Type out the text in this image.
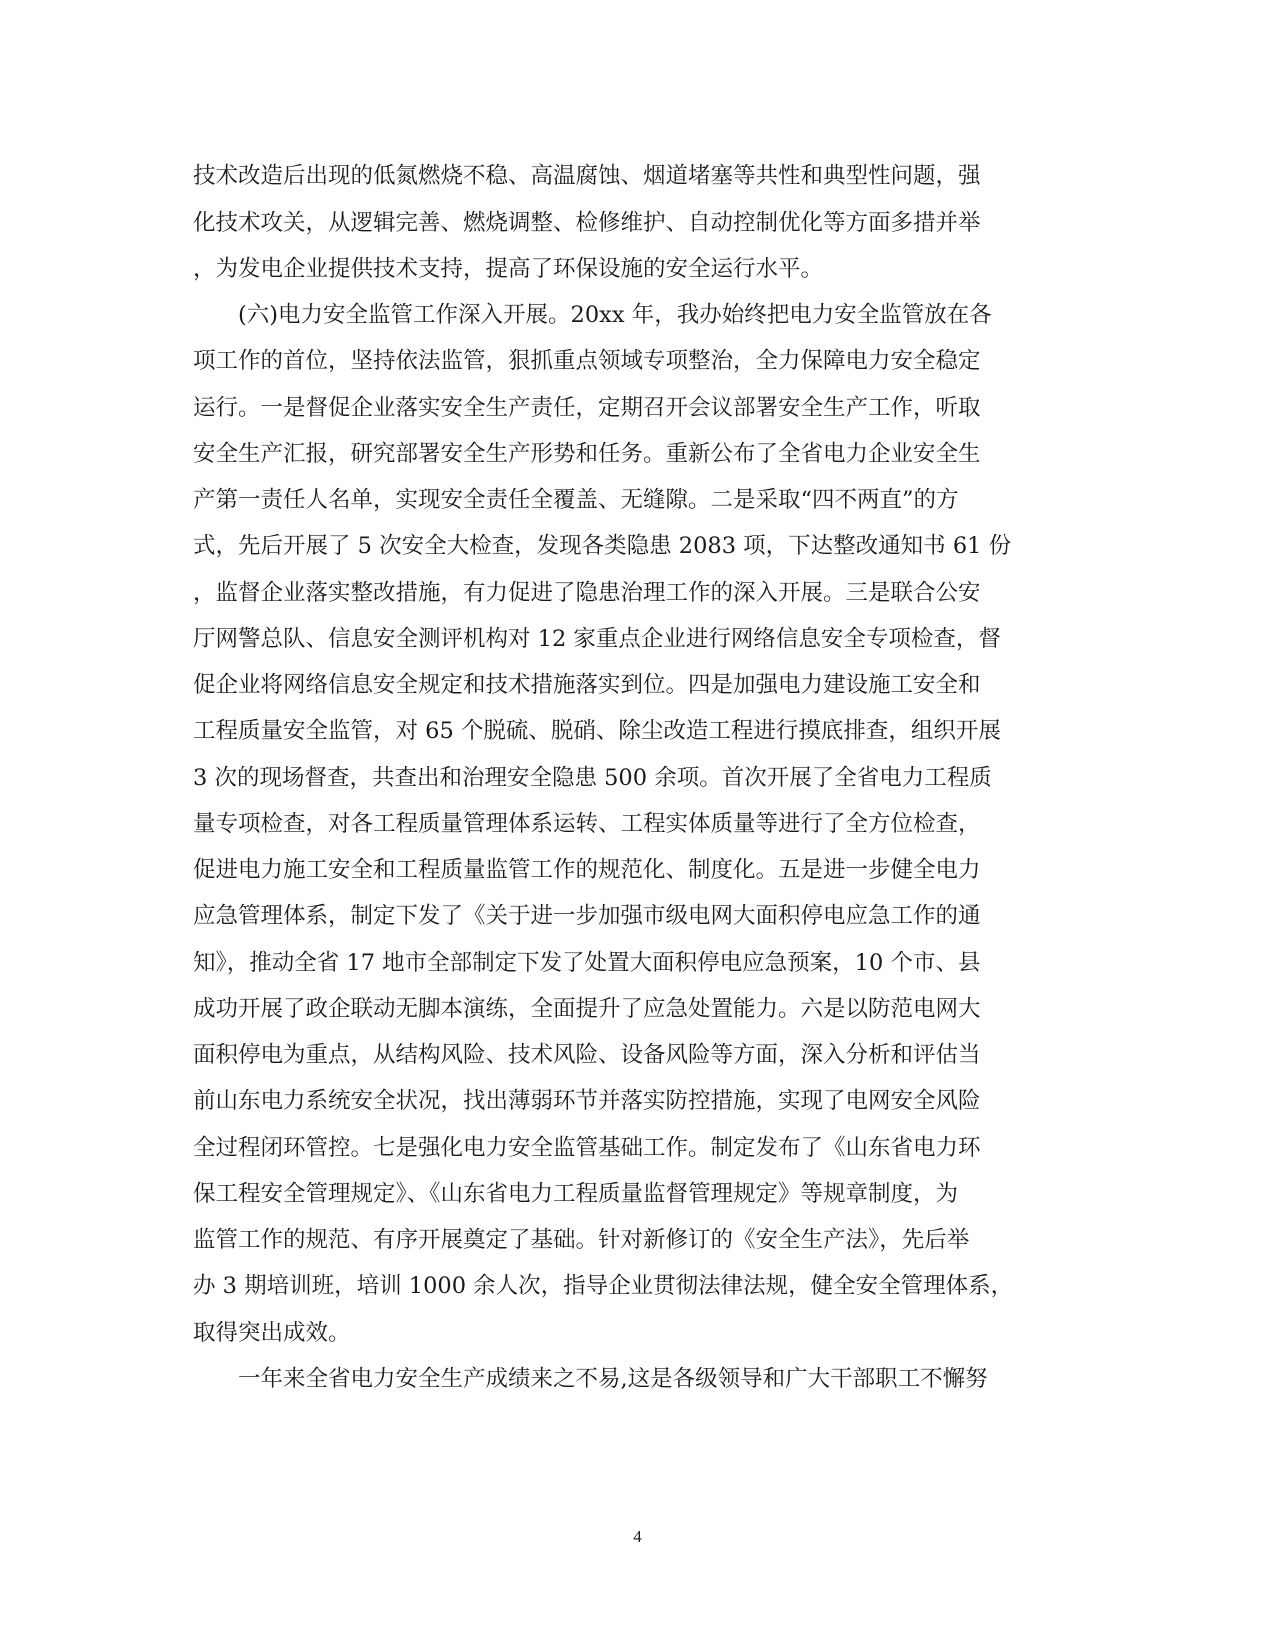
技术改造后出现的低氮燃烧不稳、高温腐蚀、烟道堵塞等共性和典型性问题，强
化技术攻关，从逻辑完善、燃烧调整、检修维护、自动控制优化等方面多措并举
，为发电企业提供技术支持，提高了环保设施的安全运行水平。
　　(六)电力安全监管工作深入开展。20xx 年，我办始终把电力安全监管放在各
项工作的首位，坚持依法监管，狠抓重点领域专项整治，全力保障电力安全稳定
运行。一是督促企业落实安全生产责任，定期召开会议部署安全生产工作，听取
安全生产汇报，研究部署安全生产形势和任务。重新公布了全省电力企业安全生
产第一责任人名单，实现安全责任全覆盖、无缝隙。二是采取“四不两直”的方
式，先后开展了 5 次安全大检查，发现各类隐患 2083 项，下达整改通知书 61 份
，监督企业落实整改措施，有力促进了隐患治理工作的深入开展。三是联合公安
厅网警总队、信息安全测评机构对 12 家重点企业进行网络信息安全专项检查，督
促企业将网络信息安全规定和技术措施落实到位。四是加强电力建设施工安全和
工程质量安全监管，对 65 个脱硫、脱硝、除尘改造工程进行摸底排查，组织开展
3 次的现场督查，共查出和治理安全隐患 500 余项。首次开展了全省电力工程质
量专项检查，对各工程质量管理体系运转、工程实体质量等进行了全方位检查，
促进电力施工安全和工程质量监管工作的规范化、制度化。五是进一步健全电力
应急管理体系，制定下发了《关于进一步加强市级电网大面积停电应急工作的通
知》，推动全省 17 地市全部制定下发了处置大面积停电应急预案，10 个市、县
成功开展了政企联动无脚本演练，全面提升了应急处置能力。六是以防范电网大
面积停电为重点，从结构风险、技术风险、设备风险等方面，深入分析和评估当
前山东电力系统安全状况，找出薄弱环节并落实防控措施，实现了电网安全风险
全过程闭环管控。七是强化电力安全监管基础工作。制定发布了《山东省电力环
保工程安全管理规定》、《山东省电力工程质量监督管理规定》等规章制度，为
监管工作的规范、有序开展奠定了基础。针对新修订的《安全生产法》，先后举
办 3 期培训班，培训 1000 余人次，指导企业贯彻法律法规，健全安全管理体系，
取得突出成效。
　　一年来全省电力安全生产成绩来之不易,这是各级领导和广大干部职工不懈努
4
